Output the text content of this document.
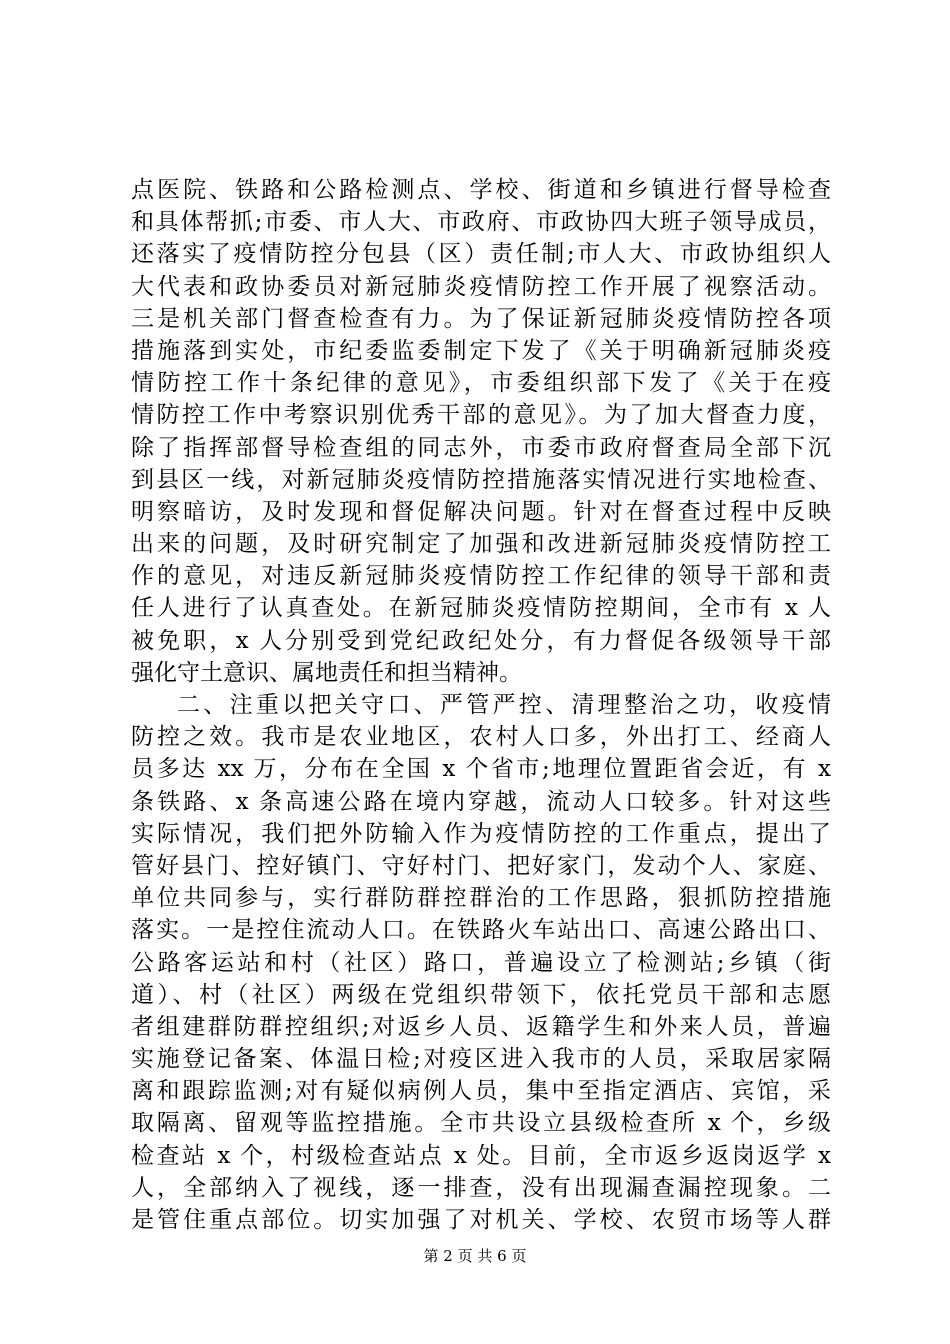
点医院、铁路和公路检测点、学校、街道和乡镇进行督导检查
和具体帮抓;市委、市人大、市政府、市政协四大班子领导成员，
还落实了疫情防控分包县（区）责任制;市人大、市政协组织人
大代表和政协委员对新冠肺炎疫情防控工作开展了视察活动。
三是机关部门督查检查有力。为了保证新冠肺炎疫情防控各项
措施落到实处，市纪委监委制定下发了《关于明确新冠肺炎疫
情防控工作十条纪律的意见》，市委组织部下发了《关于在疫
情防控工作中考察识别优秀干部的意见》。为了加大督查力度，
除了指挥部督导检查组的同志外，市委市政府督查局全部下沉
到县区一线，对新冠肺炎疫情防控措施落实情况进行实地检查、
明察暗访，及时发现和督促解决问题。针对在督查过程中反映
出来的问题，及时研究制定了加强和改进新冠肺炎疫情防控工
作的意见，对违反新冠肺炎疫情防控工作纪律的领导干部和责
任人进行了认真查处。在新冠肺炎疫情防控期间，全市有 x 人
被免职，x 人分别受到党纪政纪处分，有力督促各级领导干部
强化守土意识、属地责任和担当精神。
二、注重以把关守口、严管严控、清理整治之功，收疫情
防控之效。我市是农业地区，农村人口多，外出打工、经商人
员多达 xx 万，分布在全国 x 个省市;地理位置距省会近，有 x
条铁路、x 条高速公路在境内穿越，流动人口较多。针对这些
实际情况，我们把外防输入作为疫情防控的工作重点，提出了
管好县门、控好镇门、守好村门、把好家门，发动个人、家庭、
单位共同参与，实行群防群控群治的工作思路，狠抓防控措施
落实。一是控住流动人口。在铁路火车站出口、高速公路出口、
公路客运站和村（社区）路口，普遍设立了检测站;乡镇（街
道）、村（社区）两级在党组织带领下，依托党员干部和志愿
者组建群防群控组织;对返乡人员、返籍学生和外来人员，普遍
实施登记备案、体温日检;对疫区进入我市的人员，采取居家隔
离和跟踪监测;对有疑似病例人员，集中至指定酒店、宾馆，采
取隔离、留观等监控措施。全市共设立县级检查所 x 个，乡级
检查站 x 个，村级检查站点 x 处。目前，全市返乡返岗返学 x
人，全部纳入了视线，逐一排查，没有出现漏查漏控现象。二
是管住重点部位。切实加强了对机关、学校、农贸市场等人群
第 2 页 共 6 页
